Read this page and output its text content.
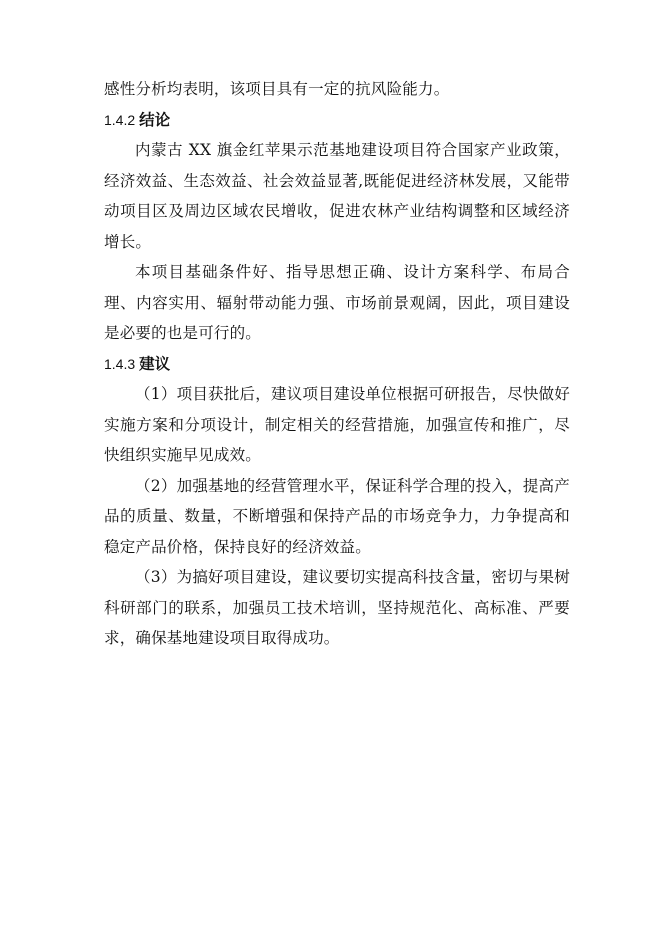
感性分析均表明，该项目具有一定的抗风险能力。

1.4.2 结论

内蒙古 XX 旗金红苹果示范基地建设项目符合国家产业政策，经济效益、生态效益、社会效益显著,既能促进经济林发展，又能带动项目区及周边区域农民增收，促进农林产业结构调整和区域经济增长。

本项目基础条件好、指导思想正确、设计方案科学、布局合理、内容实用、辐射带动能力强、市场前景观阔，因此，项目建设是必要的也是可行的。

1.4.3 建议

（1）项目获批后，建议项目建设单位根据可研报告，尽快做好实施方案和分项设计，制定相关的经营措施，加强宣传和推广，尽快组织实施早见成效。

（2）加强基地的经营管理水平，保证科学合理的投入，提高产品的质量、数量，不断增强和保持产品的市场竞争力，力争提高和稳定产品价格，保持良好的经济效益。

（3）为搞好项目建设，建议要切实提高科技含量，密切与果树科研部门的联系，加强员工技术培训，坚持规范化、高标准、严要求，确保基地建设项目取得成功。
